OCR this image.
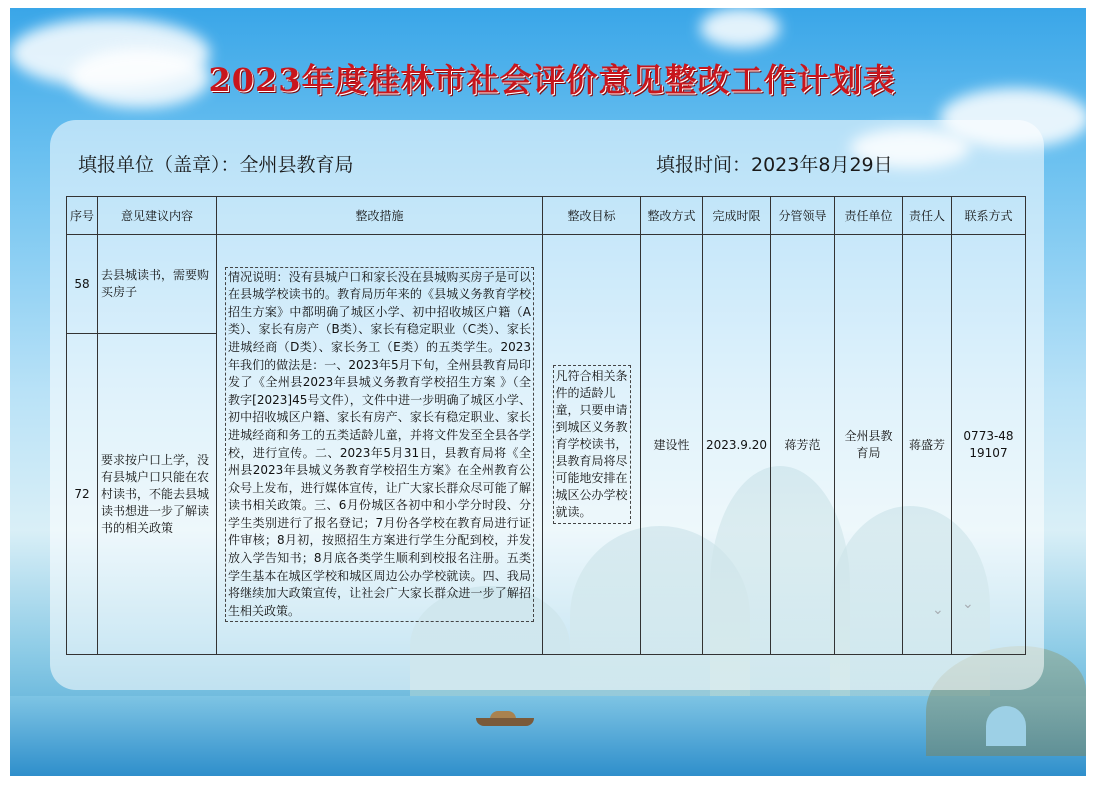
2023年度桂林市社会评价意见整改工作计划表
填报单位（盖章）：全州县教育局	填报时间：2023年8月29日
序号	意见建议内容	整改措施	整改目标	整改方式	完成时限	分管领导	责任单位	责任人	联系方式
58	去县城读书，需要购买房子	情况说明：没有县城户口和家长没在县城购买房子是可以在县城学校读书的。教育局历年来的《县城义务教育学校招生方案》中都明确了城区小学、初中招收城区户籍（A类）、家长有房产（B类）、家长有稳定职业（C类）、家长进城经商（D类）、家长务工（E类）的五类学生。2023年我们的做法是：一、2023年5月下旬，全州县教育局印发了《全州县2023年县城义务教育学校招生方案 》（全教字[2023]45号文件），文件中进一步明确了城区小学、初中招收城区户籍、家长有房产、家长有稳定职业、家长进城经商和务工的五类适龄儿童，并将文件发至全县各学校，进行宣传。二、2023年5月31日，县教育局将《全州县2023年县城义务教育学校招生方案》在全州教育公众号上发布，进行媒体宣传，让广大家长群众尽可能了解读书相关政策。三、6月份城区各初中和小学分时段、分学生类别进行了报名登记；7月份各学校在教育局进行证件审核；8月初，按照招生方案进行学生分配到校，并发放入学告知书；8月底各类学生顺利到校报名注册。五类学生基本在城区学校和城区周边公办学校就读。四、我局将继续加大政策宣传，让社会广大家长群众进一步了解招生相关政策。	凡符合相关条件的适龄儿童，只要申请到城区义务教育学校读书，县教育局将尽可能地安排在城区公办学校就读。	建设性	2023.9.20	蒋芳范	全州县教育局	蒋盛芳	0773-4819107
72	要求按户口上学，没有县城户口只能在农村读书，不能去县城读书想进一步了解读书的相关政策								
